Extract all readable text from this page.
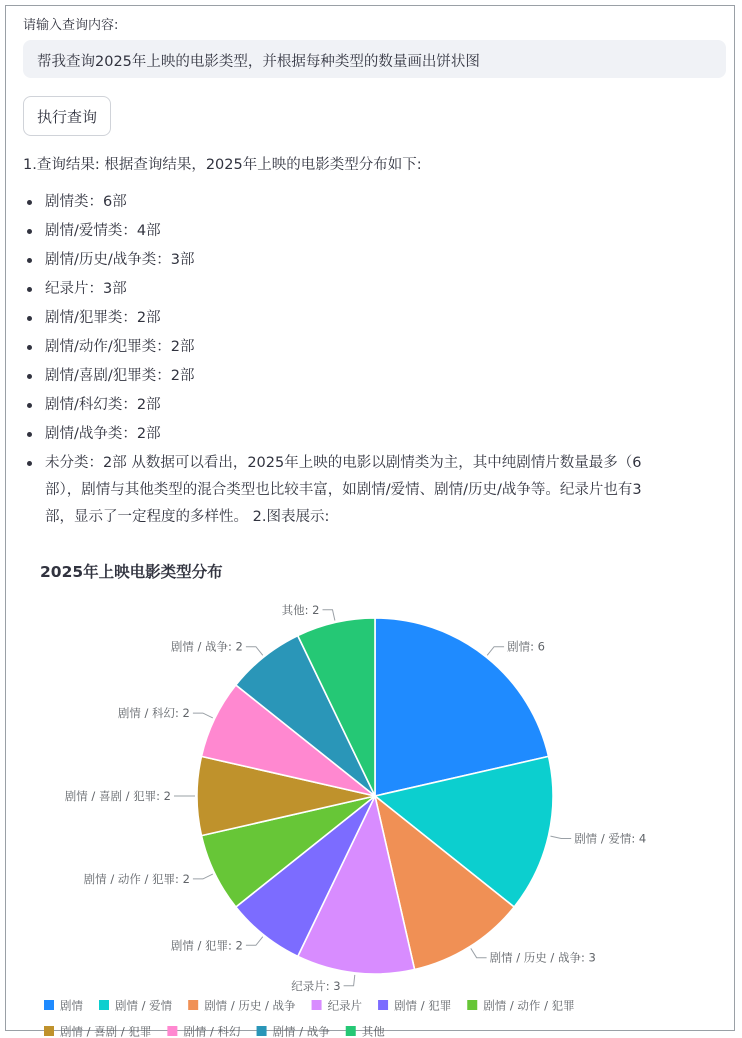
请输入查询内容:
帮我查询2025年上映的电影类型，并根据每种类型的数量画出饼状图
执行查询
1.查询结果: 根据查询结果，2025年上映的电影类型分布如下:
剧情类：6部
剧情/爱情类：4部
剧情/历史/战争类：3部
纪录片：3部
剧情/犯罪类：2部
剧情/动作/犯罪类：2部
剧情/喜剧/犯罪类：2部
剧情/科幻类：2部
剧情/战争类：2部
未分类：2部 从数据可以看出，2025年上映的电影以剧情类为主，其中纯剧情片数量最多（6
部），剧情与其他类型的混合类型也比较丰富，如剧情/爱情、剧情/历史/战争等。纪录片也有3
部，显示了一定程度的多样性。 2.图表展示:
2025年上映电影类型分布
剧情: 6
剧情 / 爱情: 4
剧情 / 历史 / 战争: 3
纪录片: 3
剧情 / 犯罪: 2
剧情 / 动作 / 犯罪: 2
剧情 / 喜剧 / 犯罪: 2
剧情 / 科幻: 2
剧情 / 战争: 2
其他: 2
剧情	剧情 / 爱情	剧情 / 历史 / 战争	纪录片	剧情 / 犯罪	剧情 / 动作 / 犯罪
剧情 / 喜剧 / 犯罪	剧情 / 科幻	剧情 / 战争	其他
